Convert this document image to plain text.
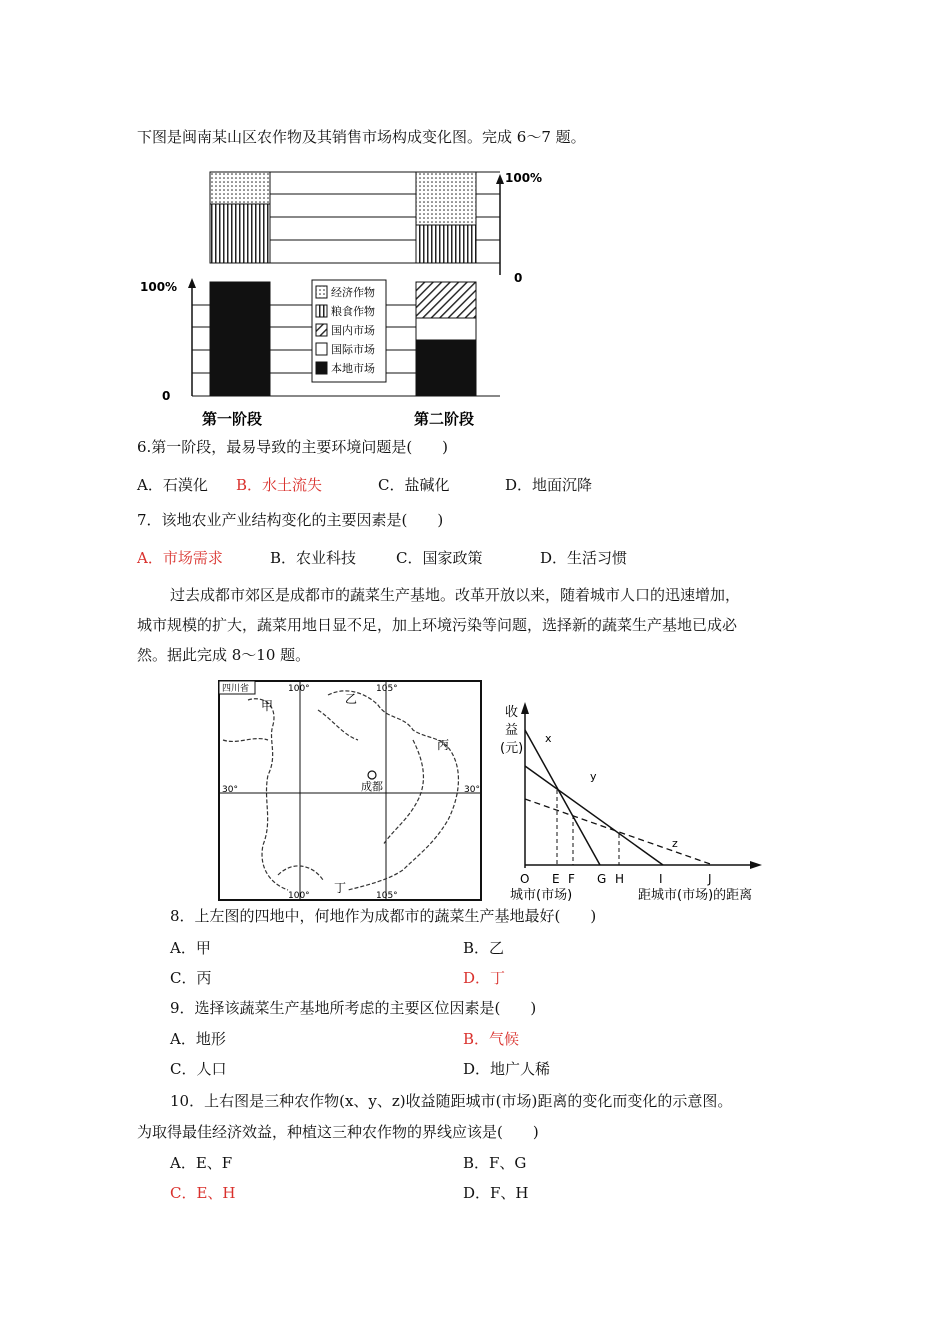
下图是闽南某山区农作物及其销售市场构成变化图。完成 6～7 题。
经济作物
粮食作物
国内市场
国际市场
本地市场
100%
0
100%
0
第一阶段	第二阶段
6.第一阶段，最易导致的主要环境问题是(　　)
A．石漠化 B．水土流失	C．盐碱化	D．地面沉降
7．该地农业产业结构变化的主要因素是(　　)
A．市场需求	B．农业科技	C．国家政策	D．生活习惯
过去成都市郊区是成都市的蔬菜生产基地。改革开放以来，随着城市人口的迅速增加，
城市规模的扩大，蔬菜用地日显不足，加上环境污染等问题，选择新的蔬菜生产基地已成必
然。据此完成 8～10 题。
四川省	100°	105°
100°	105°
30°	30°
成都
甲	乙
丙
丁
收
益
(元)
x
y
z
O E F G H	I	J
城市(市场)	距城市(市场)的距离
8．上左图的四地中，何地作为成都市的蔬菜生产基地最好(　　)
A．甲	B．乙
C．丙	D．丁
9．选择该蔬菜生产基地所考虑的主要区位因素是(　　)
A．地形	B．气候
C．人口	D．地广人稀
10．上右图是三种农作物(x、y、z)收益随距城市(市场)距离的变化而变化的示意图。
为取得最佳经济效益，种植这三种农作物的界线应该是(　　)
A．E、F	B．F、G
C．E、H	D．F、H
